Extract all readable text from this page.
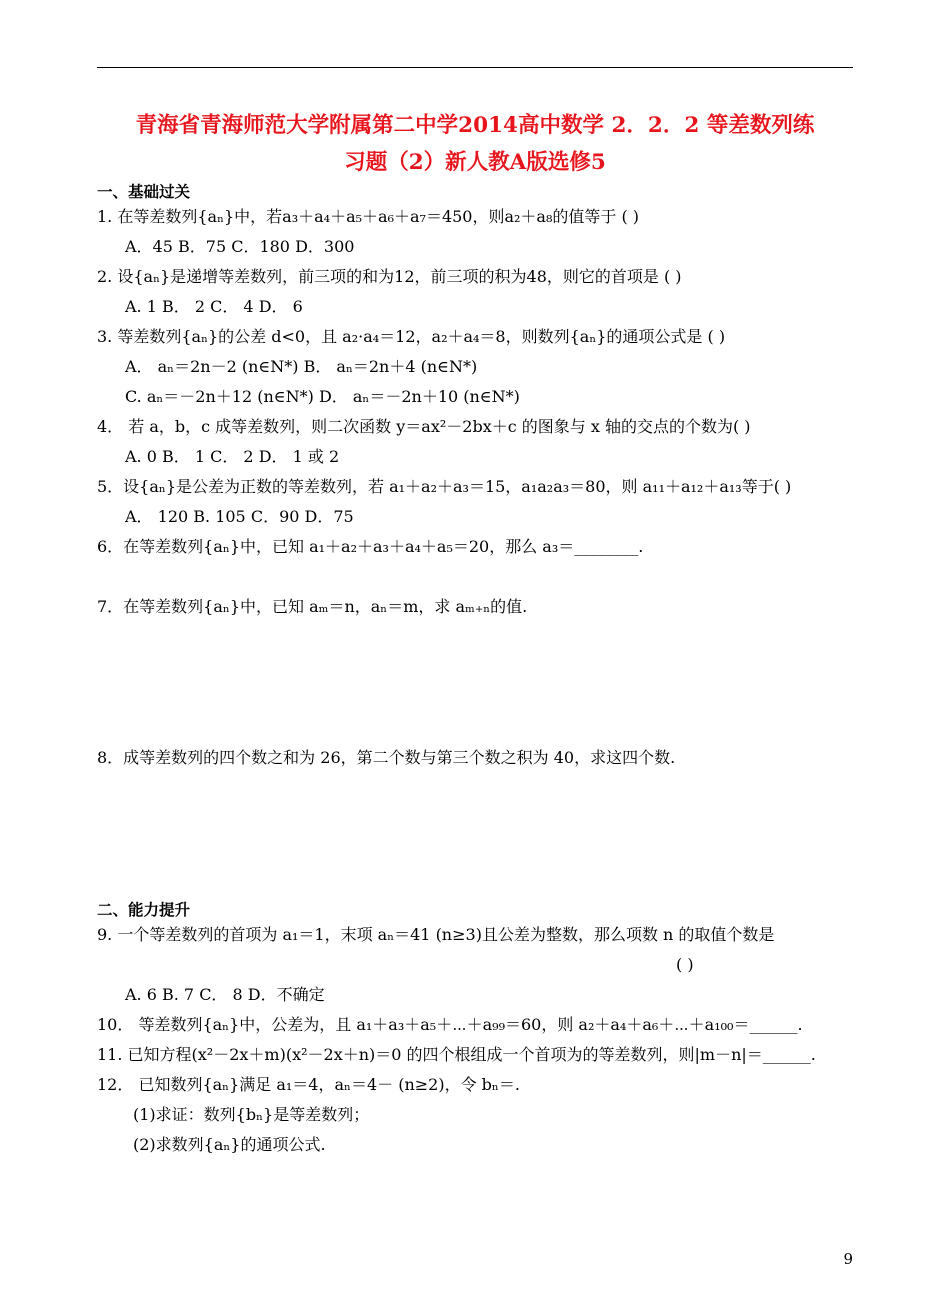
青海省青海师范大学附属第二中学2014高中数学 2．2．2 等差数列练
习题（2）新人教A版选修5
一、基础过关
1. 在等差数列{aₙ}中，若a₃＋a₄＋a₅＋a₆＋a₇＝450，则a₂＋a₈的值等于 ( )
A．45 B．75 C．180 D．300
2. 设{aₙ}是递增等差数列，前三项的和为12，前三项的积为48，则它的首项是 ( )
A. 1 B． 2 C． 4 D． 6
3. 等差数列{aₙ}的公差 d<0，且 a₂·a₄＝12，a₂＋a₄＝8，则数列{aₙ}的通项公式是 ( )
A． aₙ＝2n－2 (n∈N*) B． aₙ＝2n＋4 (n∈N*)
C. aₙ＝－2n＋12 (n∈N*) D． aₙ＝－2n＋10 (n∈N*)
4． 若 a，b，c 成等差数列，则二次函数 y＝ax²－2bx＋c 的图象与 x 轴的交点的个数为( )
A. 0 B． 1 C． 2 D． 1 或 2
5．设{aₙ}是公差为正数的等差数列，若 a₁＋a₂＋a₃＝15，a₁a₂a₃＝80，则 a₁₁＋a₁₂＋a₁₃等于( )
A． 120 B. 105 C．90 D．75
6．在等差数列{aₙ}中，已知 a₁＋a₂＋a₃＋a₄＋a₅＝20，那么 a₃＝________.
7．在等差数列{aₙ}中，已知 aₘ＝n，aₙ＝m，求 aₘ₊ₙ的值.
8．成等差数列的四个数之和为 26，第二个数与第三个数之积为 40，求这四个数.
二、能力提升
9. 一个等差数列的首项为 a₁＝1，末项 aₙ＝41 (n≥3)且公差为整数，那么项数 n 的取值个数是
( )
A. 6 B. 7 C． 8 D．不确定
10． 等差数列{aₙ}中，公差为，且 a₁＋a₃＋a₅＋⋯＋a₉₉＝60，则 a₂＋a₄＋a₆＋⋯＋a₁₀₀＝______.
11. 已知方程(x²－2x＋m)(x²－2x＋n)＝0 的四个根组成一个首项为的等差数列，则|m－n|＝______.
12． 已知数列{aₙ}满足 a₁＝4，aₙ＝4－ (n≥2)，令 bₙ＝.
(1)求证：数列{bₙ}是等差数列；
(2)求数列{aₙ}的通项公式.
9
